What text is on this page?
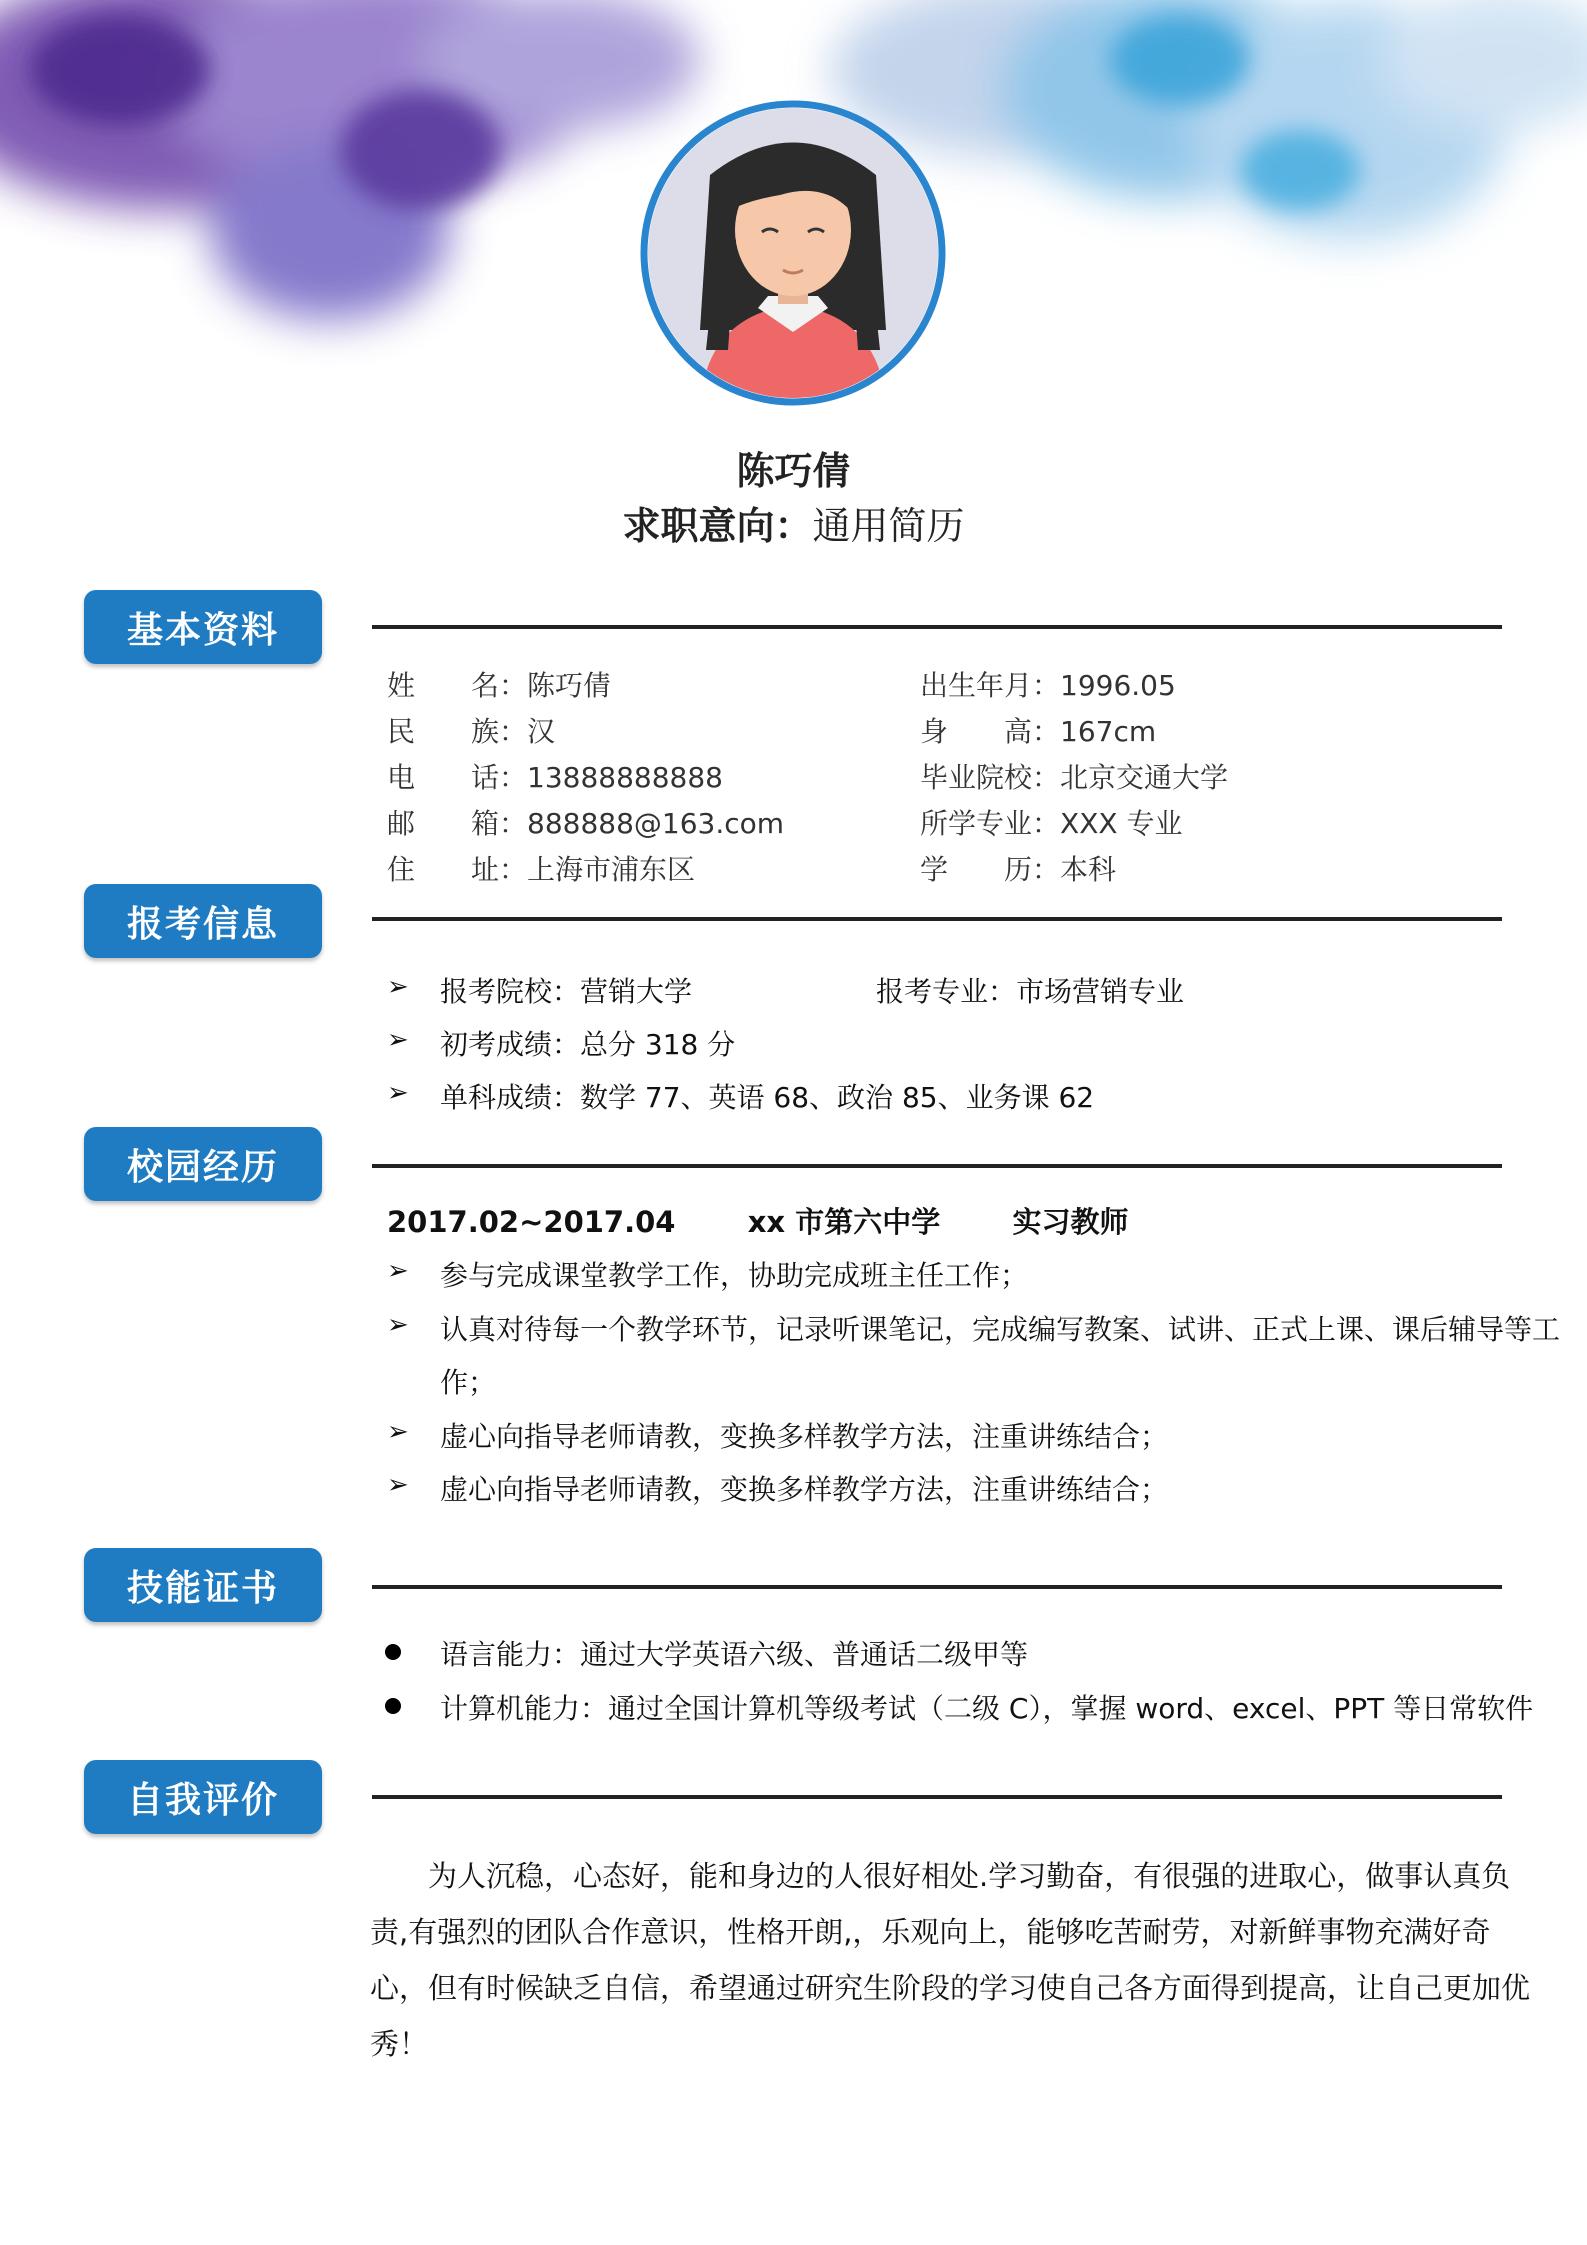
陈巧倩
求职意向：通用简历
基本资料
姓　　名：陈巧倩
民　　族：汉
电　　话：13888888888
邮　　箱：888888@163.com
住　　址：上海市浦东区
出生年月：1996.05
身　　高：167cm
毕业院校：北京交通大学
所学专业：XXX 专业
学　　历：本科
报考信息
➢ 报考院校：营销大学	报考专业：市场营销专业
➢ 初考成绩：总分 318 分
➢ 单科成绩：数学 77、英语 68、政治 85、业务课 62
校园经历
2017.02~2017.04 xx 市第六中学 实习教师
➢ 参与完成课堂教学工作，协助完成班主任工作；
➢ 认真对待每一个教学环节，记录听课笔记，完成编写教案、试讲、正式上课、课后辅导等工
作；
➢ 虚心向指导老师请教，变换多样教学方法，注重讲练结合；
➢ 虚心向指导老师请教，变换多样教学方法，注重讲练结合；
技能证书
语言能力：通过大学英语六级、普通话二级甲等
计算机能力：通过全国计算机等级考试（二级 C），掌握 word、excel、PPT 等日常软件
自我评价
为人沉稳，心态好，能和身边的人很好相处.学习勤奋，有很强的进取心，做事认真负责,有强烈的团队合作意识，性格开朗,，乐观向上，能够吃苦耐劳，对新鲜事物充满好奇心，但有时候缺乏自信，希望通过研究生阶段的学习使自己各方面得到提高，让自己更加优秀！
